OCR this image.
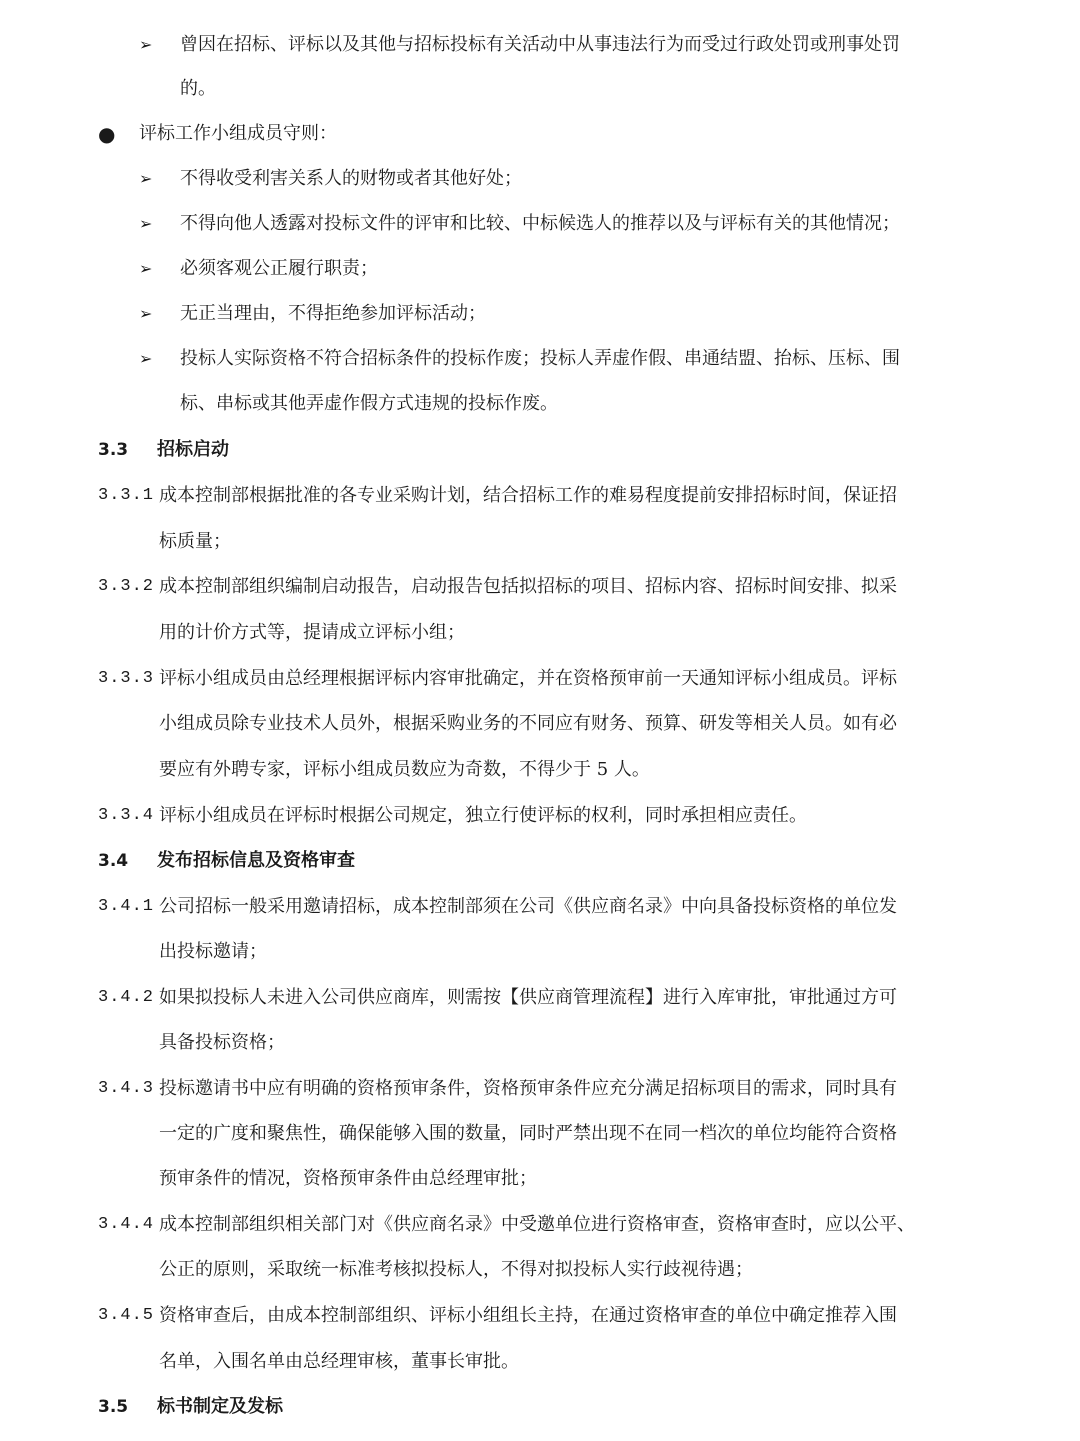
➢ 曾因在招标、评标以及其他与招标投标有关活动中从事违法行为而受过行政处罚或刑事处罚
的。
● 评标工作小组成员守则：
➢ 不得收受利害关系人的财物或者其他好处；
➢ 不得向他人透露对投标文件的评审和比较、中标候选人的推荐以及与评标有关的其他情况；
➢ 必须客观公正履行职责；
➢ 无正当理由，不得拒绝参加评标活动；
➢ 投标人实际资格不符合招标条件的投标作废；投标人弄虚作假、串通结盟、抬标、压标、围
标、串标或其他弄虚作假方式违规的投标作废。
3.3 招标启动
3.3.1 成本控制部根据批准的各专业采购计划，结合招标工作的难易程度提前安排招标时间，保证招
标质量；
3.3.2 成本控制部组织编制启动报告，启动报告包括拟招标的项目、招标内容、招标时间安排、拟采
用的计价方式等，提请成立评标小组；
3.3.3 评标小组成员由总经理根据评标内容审批确定，并在资格预审前一天通知评标小组成员。评标
小组成员除专业技术人员外，根据采购业务的不同应有财务、预算、研发等相关人员。如有必
要应有外聘专家，评标小组成员数应为奇数，不得少于 5 人。
3.3.4 评标小组成员在评标时根据公司规定，独立行使评标的权利，同时承担相应责任。
3.4 发布招标信息及资格审查
3.4.1 公司招标一般采用邀请招标，成本控制部须在公司《供应商名录》中向具备投标资格的单位发
出投标邀请；
3.4.2 如果拟投标人未进入公司供应商库，则需按【供应商管理流程】进行入库审批，审批通过方可
具备投标资格；
3.4.3 投标邀请书中应有明确的资格预审条件，资格预审条件应充分满足招标项目的需求，同时具有
一定的广度和聚焦性，确保能够入围的数量，同时严禁出现不在同一档次的单位均能符合资格
预审条件的情况，资格预审条件由总经理审批；
3.4.4 成本控制部组织相关部门对《供应商名录》中受邀单位进行资格审查，资格审查时，应以公平、
公正的原则，采取统一标准考核拟投标人，不得对拟投标人实行歧视待遇；
3.4.5 资格审查后，由成本控制部组织、评标小组组长主持，在通过资格审查的单位中确定推荐入围
名单，入围名单由总经理审核，董事长审批。
3.5 标书制定及发标
